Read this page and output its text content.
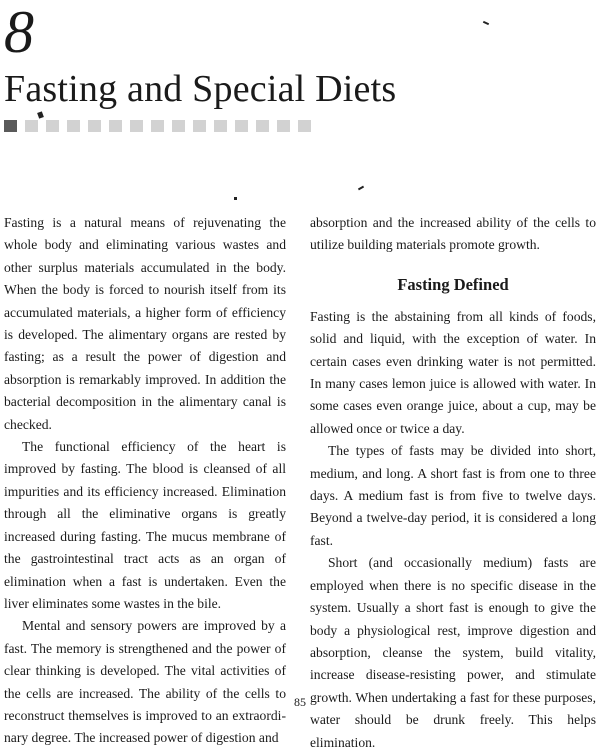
8
Fasting and Special Diets

Fasting is a natural means of rejuvenating the whole body and eliminating various wastes and other surplus materials accumulated in the body. When the body is forced to nourish itself from its accumulated materials, a higher form of efficiency is developed. The alimentary organs are rested by fasting; as a result the power of digestion and absorption is remarkably improved. In addition the bacterial decomposition in the alimentary canal is checked.

The functional efficiency of the heart is improved by fasting. The blood is cleansed of all impurities and its efficiency increased. Elimination through all the eliminative organs is greatly increased during fasting. The mucus membrane of the gastrointestinal tract acts as an organ of elimination when a fast is undertaken. Even the liver eliminates some wastes in the bile.

Mental and sensory powers are improved by a fast. The memory is strengthened and the power of clear thinking is developed. The vital activities of the cells are increased. The ability of the cells to reconstruct themselves is improved to an extraordinary degree. The increased power of digestion and

absorption and the increased ability of the cells to utilize building materials promote growth.

Fasting Defined

Fasting is the abstaining from all kinds of foods, solid and liquid, with the exception of water. In certain cases even drinking water is not permitted. In many cases lemon juice is allowed with water. In some cases even orange juice, about a cup, may be allowed once or twice a day.

The types of fasts may be divided into short, medium, and long. A short fast is from one to three days. A medium fast is from five to twelve days. Beyond a twelve-day period, it is considered a long fast.

Short (and occasionally medium) fasts are employed when there is no specific disease in the system. Usually a short fast is enough to give the body a physiological rest, improve digestion and absorption, cleanse the system, build vitality, increase disease-resisting power, and stimulate growth. When undertaking a fast for these purposes, water should be drunk freely. This helps elimination.

85
